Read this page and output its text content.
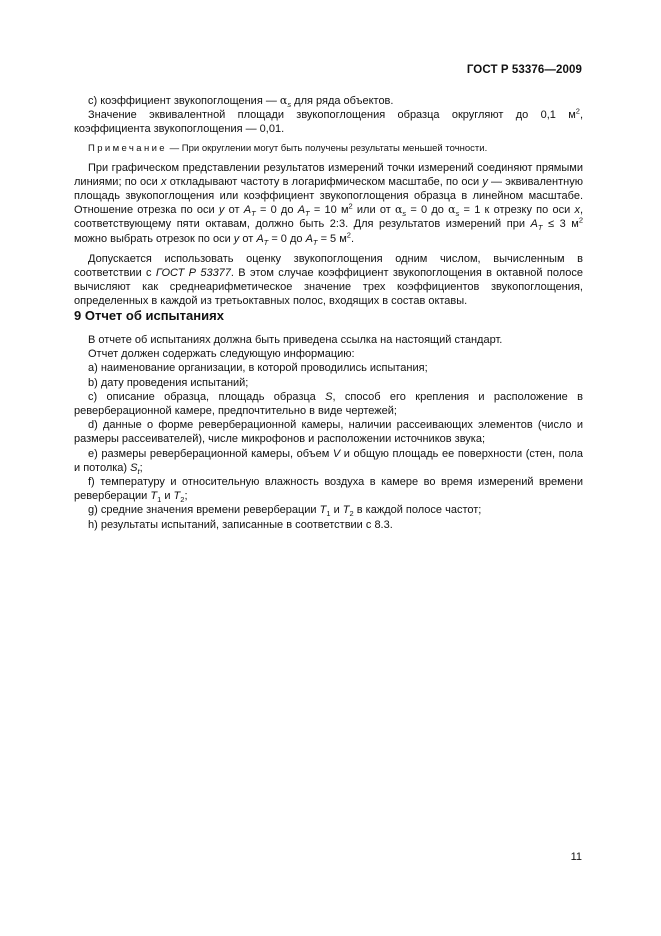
ГОСТ Р 53376—2009

c) коэффициент звукопоглощения — $\alpha_s$ для ряда объектов.

Значение эквивалентной площади звукопоглощения образца округляют до 0,1 $м^2$, коэффициента звукопоглощения — 0,01.

Примечание — При округлении могут быть получены результаты меньшей точности.

При графическом представлении результатов измерений точки измерений соединяют прямыми линиями; по оси x откладывают частоту в логарифмическом масштабе, по оси y — эквивалентную площадь звукопоглощения или коэффициент звукопоглощения образца в линейном масштабе. Отношение отрезка по оси y от $A_T = 0$ до $A_T = 10$ $м^2$ или от $\alpha_s = 0$ до $\alpha_s = 1$ к отрезку по оси x, соответствующему пяти октавам, должно быть 2:3. Для результатов измерений при $A_T \le 3$ $м^2$ можно выбрать отрезок по оси y от $A_T = 0$ до $A_T = 5$ $м^2$.

Допускается использовать оценку звукопоглощения одним числом, вычисленным в соответствии с ГОСТ Р 53377. В этом случае коэффициент звукопоглощения в октавной полосе вычисляют как среднеарифметическое значение трех коэффициентов звукопоглощения, определенных в каждой из третьоктавных полос, входящих в состав октавы.

9 Отчет об испытаниях

В отчете об испытаниях должна быть приведена ссылка на настоящий стандарт.

Отчет должен содержать следующую информацию:

a) наименование организации, в которой проводились испытания;

b) дату проведения испытаний;

c) описание образца, площадь образца S, способ его крепления и расположение в реверберационной камере, предпочтительно в виде чертежей;

d) данные о форме реверберационной камеры, наличии рассеивающих элементов (число и размеры рассеивателей), числе микрофонов и расположении источников звука;

e) размеры реверберационной камеры, объем V и общую площадь ее поверхности (стен, пола и потолка) $S_t$;

f) температуру и относительную влажность воздуха в камере во время измерений времени реверберации $T_1$ и $T_2$;

g) средние значения времени реверберации $T_1$ и $T_2$ в каждой полосе частот;

h) результаты испытаний, записанные в соответствии с 8.3.

11
